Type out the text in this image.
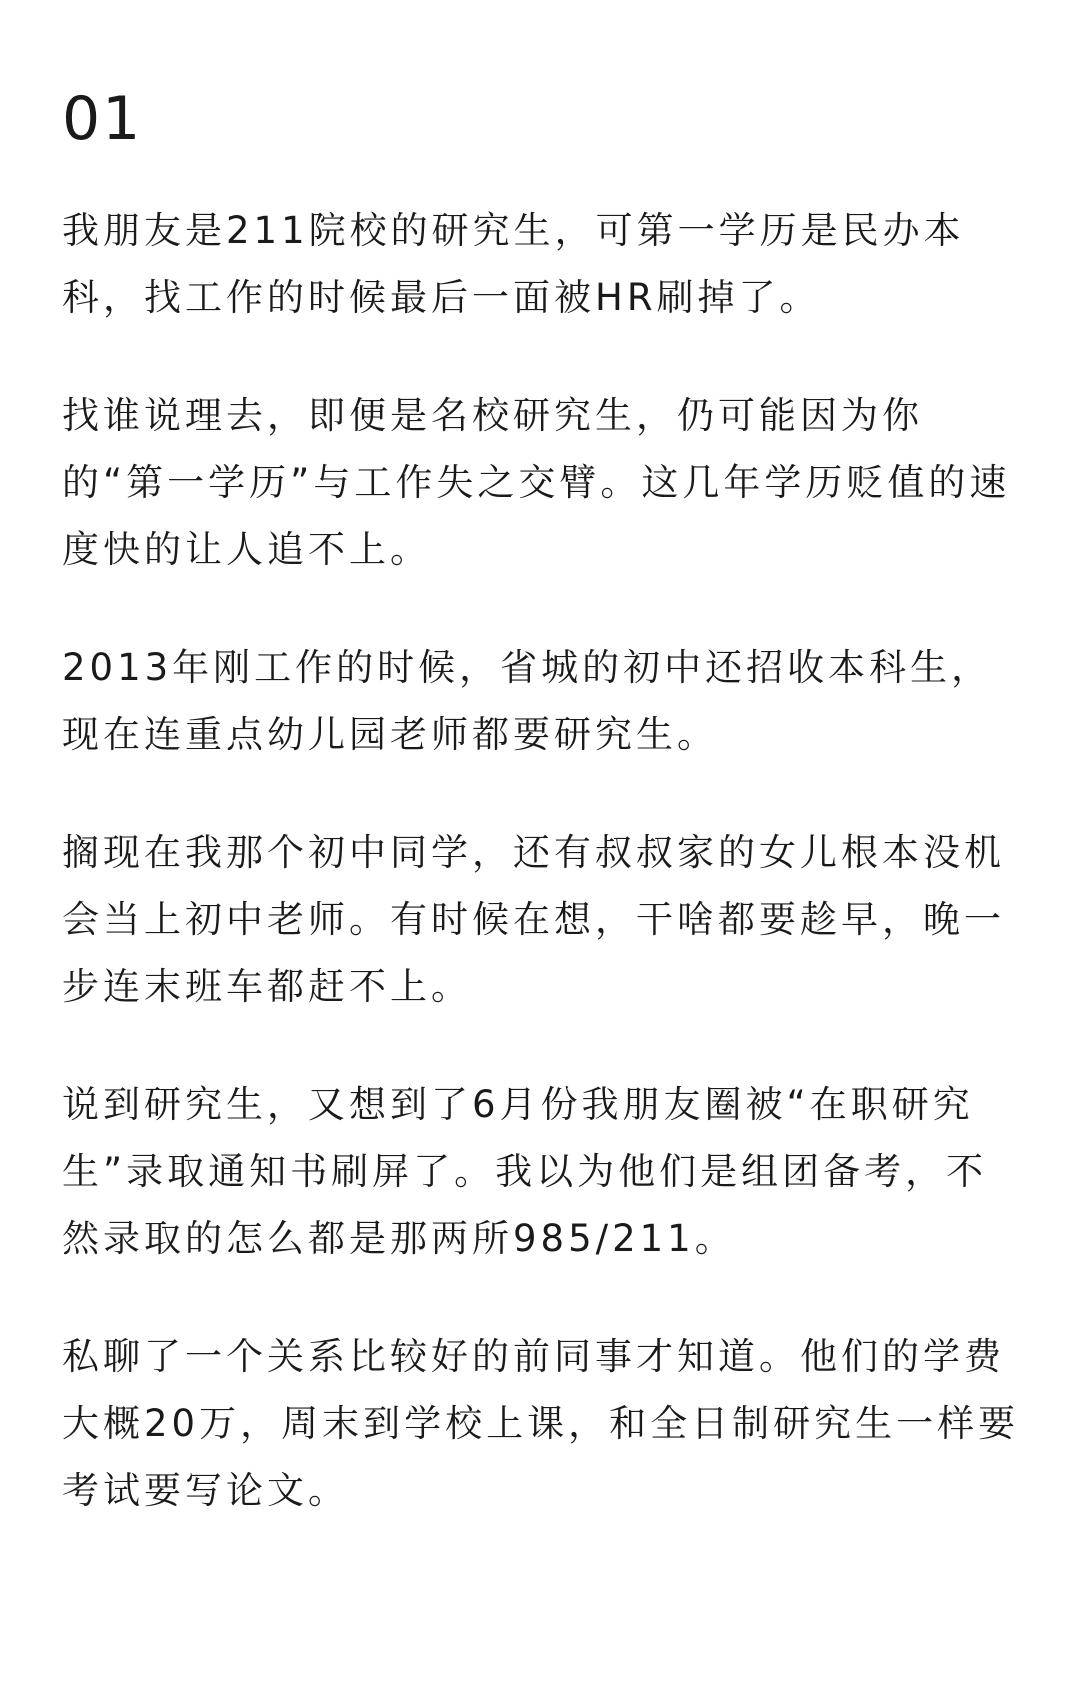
01

我朋友是211院校的研究生，可第一学历是民办本科，找工作的时候最后一面被HR刷掉了。

找谁说理去，即便是名校研究生，仍可能因为你的“第一学历”与工作失之交臂。这几年学历贬值的速度快的让人追不上。

2013年刚工作的时候，省城的初中还招收本科生，现在连重点幼儿园老师都要研究生。

搁现在我那个初中同学，还有叔叔家的女儿根本没机会当上初中老师。有时候在想，干啥都要趁早，晚一步连末班车都赶不上。

说到研究生，又想到了6月份我朋友圈被“在职研究生”录取通知书刷屏了。我以为他们是组团备考，不然录取的怎么都是那两所985/211。

私聊了一个关系比较好的前同事才知道。他们的学费大概20万，周末到学校上课，和全日制研究生一样要考试要写论文。
